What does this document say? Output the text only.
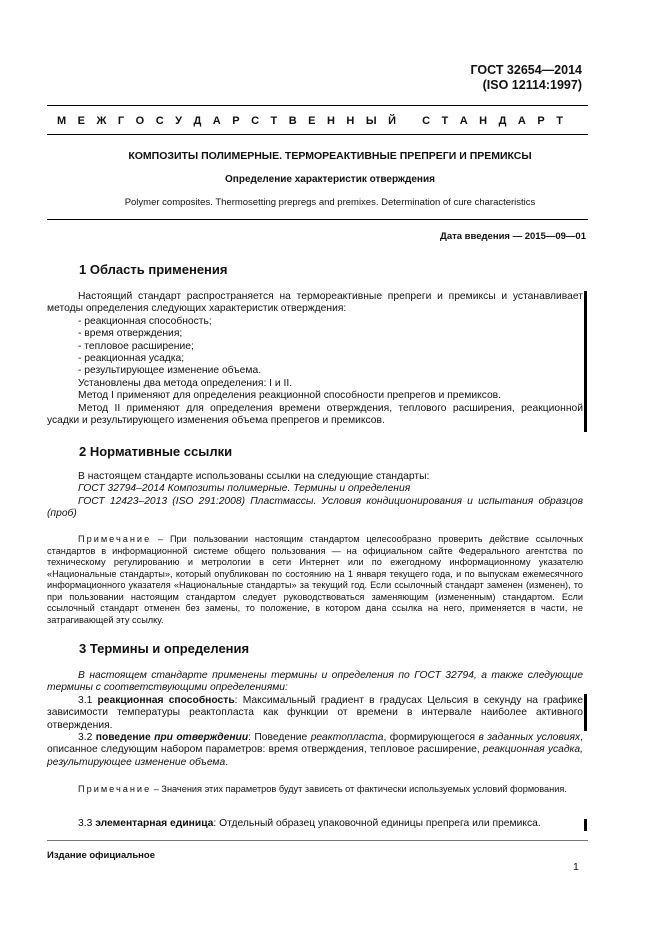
ГОСТ 32654—2014
(ISO 12114:1997)
М Е Ж Г О С У Д А Р С Т В Е Н Н Ы Й
С Т А Н Д А Р Т
КОМПОЗИТЫ ПОЛИМЕРНЫЕ. ТЕРМОРЕАКТИВНЫЕ ПРЕПРЕГИ И ПРЕМИКСЫ
Определение характеристик отверждения
Polymer composites. Thermosetting prepregs and premixes. Determination of cure characteristics
Дата введения — 2015—09—01
1 Область применения
Настоящий стандарт распространяется на термореактивные препреги и премиксы и устанавливает методы определения следующих характеристик отверждения:
- реакционная способность;
- время отверждения;
- тепловое расширение;
- реакционная усадка;
- результирующее изменение объема.
Установлены два метода определения: I и II.
Метод I применяют для определения реакционной способности препрегов и премиксов.
Метод II применяют для определения времени отверждения, теплового расширения, реакционной усадки и результирующего изменения объема препрегов и премиксов.
2 Нормативные ссылки
В настоящем стандарте использованы ссылки на следующие стандарты:
ГОСТ 32794–2014 Композиты полимерные. Термины и определения
ГОСТ 12423–2013 (ISO 291:2008) Пластмассы. Условия кондиционирования и испытания образцов (проб)
Примечание – При пользовании настоящим стандартом целесообразно проверить действие ссылочных стандартов в информационной системе общего пользования — на официальном сайте Федерального агентства по техническому регулированию и метрологии в сети Интернет или по ежегодному информационному указателю «Национальные стандарты», который опубликован по состоянию на 1 января текущего года, и по выпускам ежемесячного информационного указателя «Национальные стандарты» за текущий год. Если ссылочный стандарт заменен (изменен), то при пользовании настоящим стандартом следует руководствоваться заменяющим (измененным) стандартом. Если ссылочный стандарт отменен без замены, то положение, в котором дана ссылка на него, применяется в части, не затрагивающей эту ссылку.
3 Термины и определения
В настоящем стандарте применены термины и определения по ГОСТ 32794, а также следующие термины с соответствующими определениями:
3.1 реакционная способность: Максимальный градиент в градусах Цельсия в секунду на графике зависимости температуры реактопласта как функции от времени в интервале наиболее активного отверждения.
3.2 поведение при отверждении: Поведение реактопласта, формирующегося в заданных условиях, описанное следующим набором параметров: время отверждения, тепловое расширение, реакционная усадка, результирующее изменение объема.
Примечание – Значения этих параметров будут зависеть от фактически используемых условий формования.
3.3 элементарная единица: Отдельный образец упаковочной единицы препрега или премикса.
Издание официальное
1
